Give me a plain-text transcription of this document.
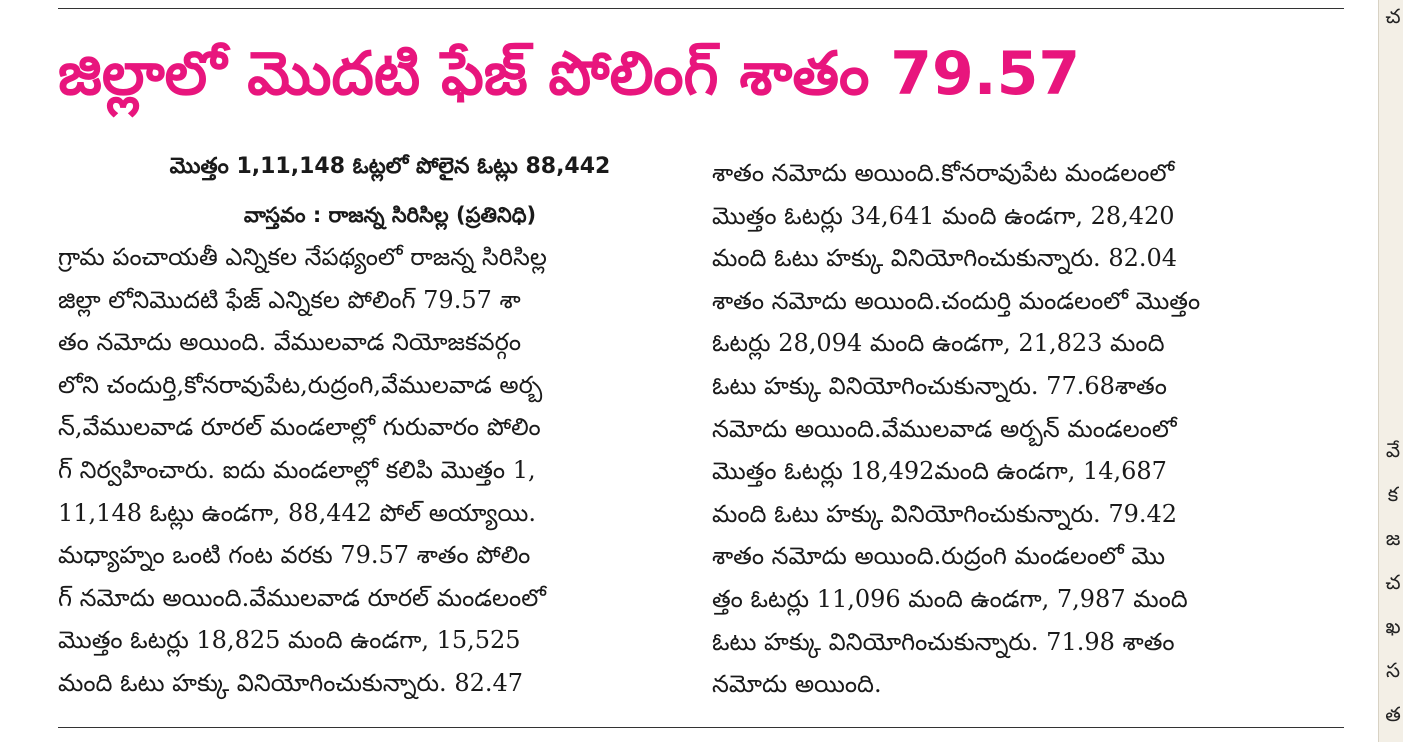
జిల్లాలో మొదటి ఫేజ్ పోలింగ్ శాతం 79.57
మొత్తం 1,11,148 ఓట్లలో పోలైన ఓట్లు 88,442
వాస్తవం : రాజన్న సిరిసిల్ల (ప్రతినిధి)
గ్రామ పంచాయతీ ఎన్నికల నేపథ్యంలో రాజన్న సిరిసిల్ల
జిల్లా లోనిమొదటి ఫేజ్ ఎన్నికల పోలింగ్ 79.57 శా
తం నమోదు అయింది. వేములవాడ నియోజకవర్గం
లోని చందుర్తి,కోనరావుపేట,రుద్రంగి,వేములవాడ అర్బ
న్,వేములవాడ రూరల్ మండలాల్లో గురువారం పోలిం
గ్ నిర్వహించారు. ఐదు మండలాల్లో కలిపి మొత్తం 1,
11,148 ఓట్లు ఉండగా, 88,442 పోల్ అయ్యాయి.
మధ్యాహ్నం ఒంటి గంట వరకు 79.57 శాతం పోలిం
గ్ నమోదు అయింది.వేములవాడ రూరల్ మండలంలో
మొత్తం ఓటర్లు 18,825 మంది ఉండగా, 15,525
మంది ఓటు హక్కు వినియోగించుకున్నారు. 82.47
శాతం నమోదు అయింది.కోనరావుపేట మండలంలో
మొత్తం ఓటర్లు 34,641 మంది ఉండగా, 28,420
మంది ఓటు హక్కు వినియోగించుకున్నారు. 82.04
శాతం నమోదు అయింది.చందుర్తి మండలంలో మొత్తం
ఓటర్లు 28,094 మంది ఉండగా, 21,823 మంది
ఓటు హక్కు వినియోగించుకున్నారు. 77.68శాతం
నమోదు అయింది.వేములవాడ అర్బన్ మండలంలో
మొత్తం ఓటర్లు 18,492మంది ఉండగా, 14,687
మంది ఓటు హక్కు వినియోగించుకున్నారు. 79.42
శాతం నమోదు అయింది.రుద్రంగి మండలంలో మొ
త్తం ఓటర్లు 11,096 మంది ఉండగా, 7,987 మంది
ఓటు హక్కు వినియోగించుకున్నారు. 71.98 శాతం
నమోదు అయింది.
చ
వే
క
జ
చ
ఖ
స
త
